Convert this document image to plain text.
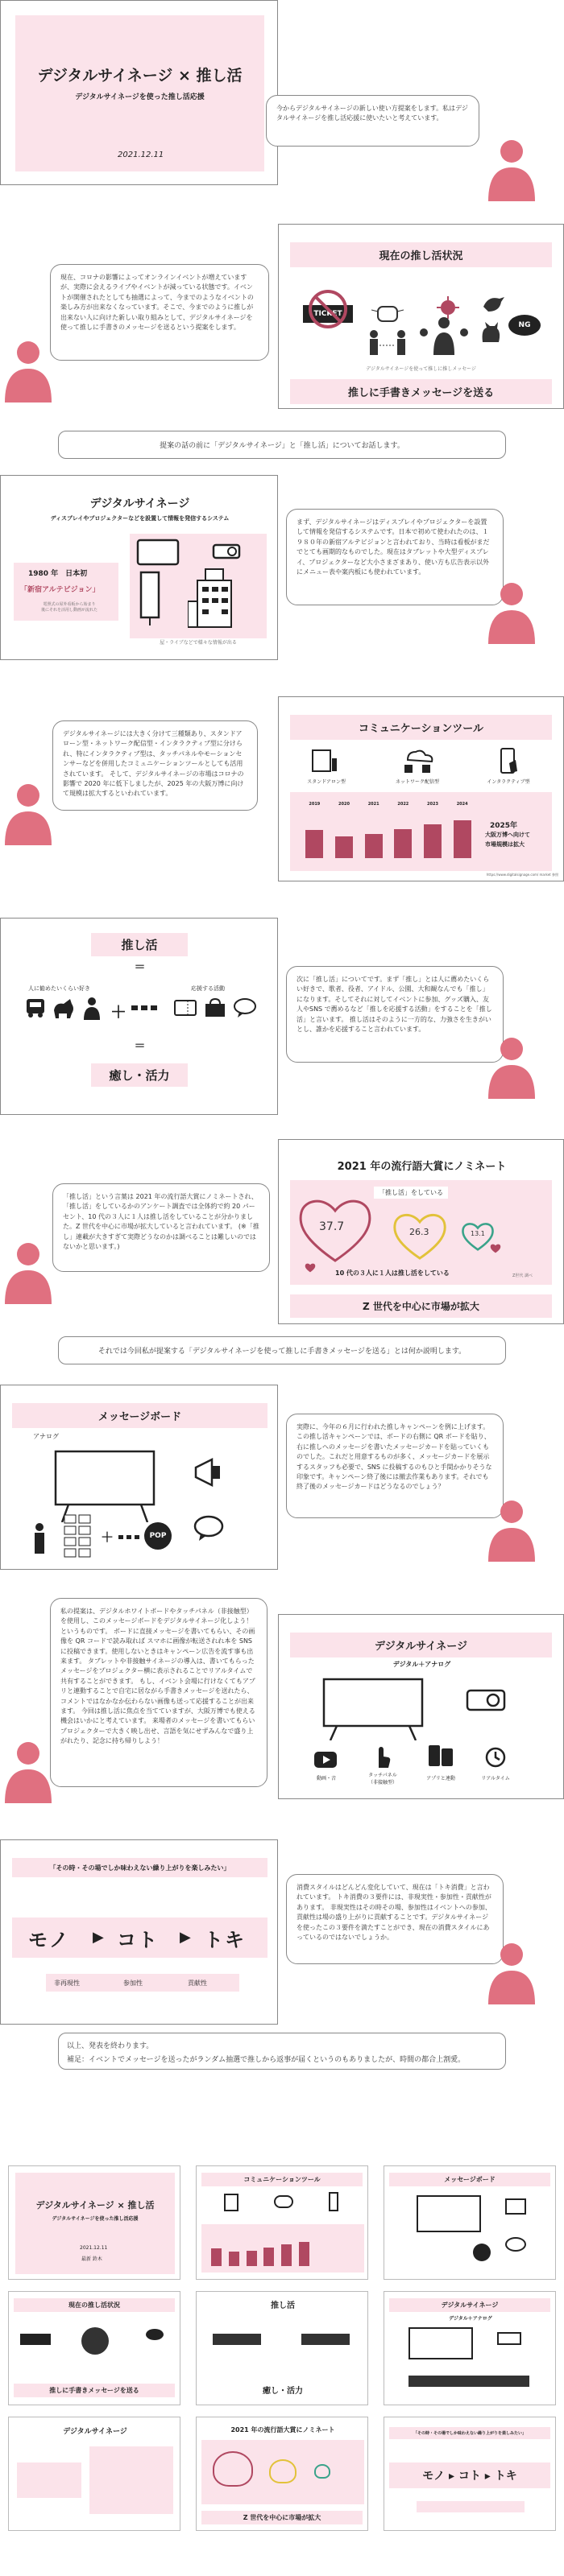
デジタルサイネージ × 推し活
デジタルサイネージを使った推し活応援
2021.12.11
今からデジタルサイネージの新しい使い方提案をします。私はデジタルサイネージを推し活応援に使いたいと考えています。
現在、コロナの影響によってオンラインイベントが増えていますが、実際に会えるライブやイベントが減っている状態です。イベントが開催されたとしても抽選によって、今までのようなイベントの楽しみ方が出来なくなっています。そこで、今までのように推しが出来ない人に向けた新しい取り組みとして、デジタルサイネージを使って推しに手書きのメッセージを送るという提案をします。
現在の推し活状況
TICKET
NG
デジタルサイネージを使って推しに推しメッセージ
推しに手書きメッセージを送る
提案の話の前に「デジタルサイネージ」と「推し活」についてお話します。
デジタルサイネージ
ディスプレイやプロジェクターなどを設置して情報を発信するシステム
1980 年　日本初
「新宿アルテビジョン」
電照式の屋外看板から始まり
後にそれを活用し動画が流れた
屋・ライブなどで様々な情報が出る
まず、デジタルサイネージはディスプレイやプロジェクターを設置して情報を発信するシステムです。日本で初めて使われたのは、１９８０年の新宿アルテビジョンと言われており、当時は看板がまだでとても画期的なものでした。現在はタブレットや大型ディスプレイ、プロジェクターなど大小さまざまあり、使い方も広告表示以外にメニュー表や案内板にも使われています。
デジタルサイネージには大きく分けて三種類あり、スタンドアローン型・ネットワーク配信型・インタラクティブ型に分けられ、特にインタラクティブ型は、タッチパネルやモーションセンサーなどを併用したコミュニケーションツールとしても活用されています。 そして、デジタルサイネージの市場はコロナの影響で 2020 年に低下しましたが、2025 年の大阪万博に向けて規模は拡大するといわれています。
コミュニケーションツール
スタンドアロン型	ネットワーク配信型	インタラクティブ型
2019	2020	2021	2022	2023	2024
2025年
大阪万博へ向けて
市場規模は拡大
https://www.digitalsignage.com/ market 参照
推し活
＝
人に勧めたいくらい好き	応援する活動
＋
＝
癒し・活力
次に「推し活」についてです。まず「推し」とは人に薦めたいくらい好きで、歌者、役者、アイドル、公園、大和観なんでも「推し」になります。そしてそれに対してイベントに参加、グッズ購入、友人やSNS で薦めるなど「推しを応援する活動」をすることを「推し活」と言います。 推し活はそのように一方的な、力強さを生きがいとし、誰かを応援すること言われています。
「推し活」という言葉は 2021 年の流行語大賞にノミネートされ、「推し活」をしているかのアンケート調査では全体約で約 20 パーセント、10 代の３人に１人は推し活をしていることが分かりました。Z 世代を中心に市場が拡大していると言われています。 (※「推し」連載が大きすぎて実際どうなのかは調べることは難しいのではないかと思います。)
2021 年の流行語大賞にノミネート
「推し活」をしている
37.7	26.3	13.1
10 代の３人に１人は推し活をしている	Z世代 調べ
Z 世代を中心に市場が拡大
それでは今回私が提案する「デジタルサイネージを使って推しに手書きメッセージを送る」とは何か説明します。
メッセージボード
アナログ
＋	POP
実際に、今年の６月に行われた推しキャンペーンを例に上げます。 この推し活キャンペーンでは、ボードの右側に QR ボードを貼り、右に推しへのメッセージを書いたメッセージカードを貼っていくものでした。これだと用意するものが多く、メッセージカードを展示するスタッフも必要で、SNS に投稿するのもひと手間かかりそうな印象です。キャンペーン終了後には撤去作業もあります。それでも終了後のメッセージカードはどうなるのでしょう？
私の提案は、デジタルホワイトボードやタッチパネル（非接触型）を使用し、このメッセージボードをデジタルサイネージ化しよう！というものです。 ボードに直接メッセージを書いてもらい、その画像を QR コードで読み取れば スマホに画像が転送されれ本を SNS に投稿できます。使用しないときはキャンペーン広告を流す事も出来ます。 タブレットや非接触サイネージの導入は、書いてもらったメッセージをプロジェクター横に表示されることでリアルタイムで共有することができます。 もし、イベント会場に行けなくてもアプリと連動することで自宅に居ながら手書きメッセージを送れたら、コメントではなかなか伝わらない画像も送って応援することが出来ます。 今回は推し活に焦点を当てていますが、大阪万博でも使える機会はいかにと考えています。 来場者のメッセージを書いてもらいプロジェクターで大きく映し出せ、言語を気にせずみんなで盛り上がれたり、記念に持ち帰りしよう！
デジタルサイネージ
デジタル＋アナログ
動画・音
タッチパネル
（非接触型）
アプリと連動	リアルタイム
「その時・その場でしか味わえない繰り上がりを楽しみたい」
モノ ▶ コト ▶ トキ
非再現性	参加性	貢献性
消費スタイルはどんどん変化していて、現在は「トキ消費」と言われています。 トキ消費の３要件には、非現実性・参加性・貢献性があります。 非現実性はその時その場、参加性はイベントへの参加、貢献性は場の盛り上がりに貢献することです。デジタルサイネージを使ったこの３要件を満たすことができ、現在の消費スタイルにあっているのではないでしょうか。
以上、発表を終わります。
補足：イベントでメッセージを送ったがランダム抽選で推しから返事が届くというのもありましたが、時間の都合上割愛。
デジタルサイネージ × 推し活
デジタルサイネージを使った推し活応援
2021.12.11
最新 鈴木
コミュニケーションツール	メッセージボード
現在の推し活状況
推しに手書きメッセージを送る
推し活
癒し・活力
デジタルサイネージ
デジタル＋アナログ
デジタルサイネージ	2021 年の流行語大賞にノミネート
Z 世代を中心に市場が拡大
「その時・その場でしか味わえない繰り上がりを楽しみたい」
モノ ▸ コト ▸ トキ
